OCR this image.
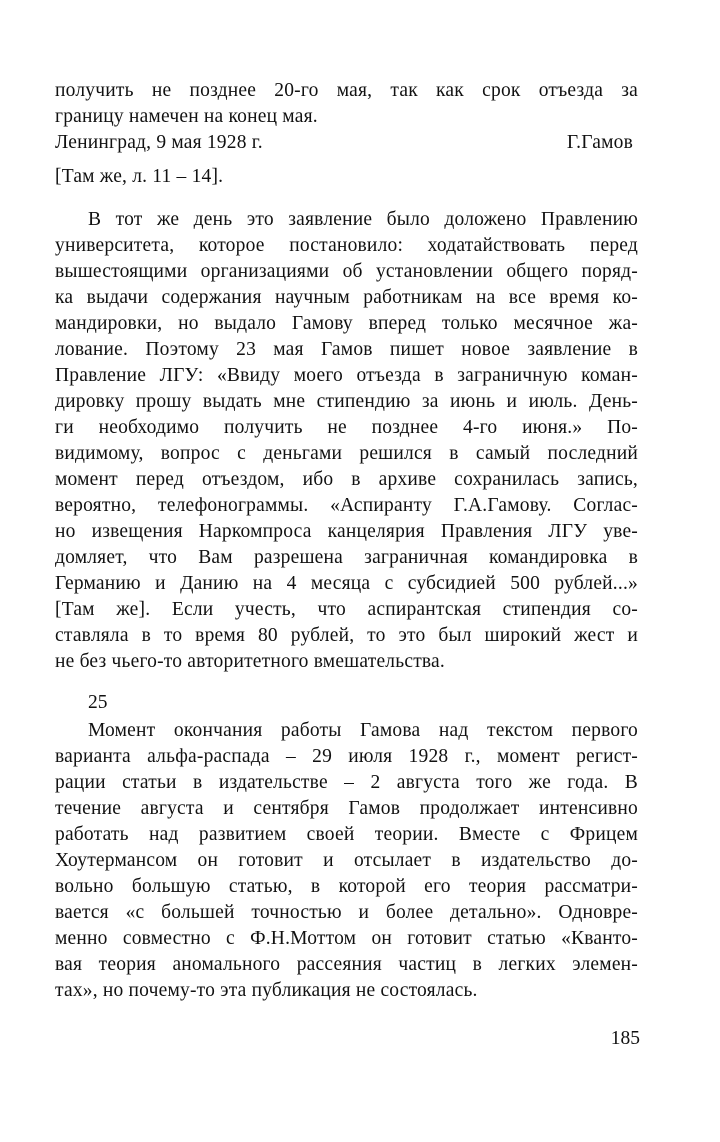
получить не позднее 20-го мая, так как срок отъезда за
границу намечен на конец мая.
Ленинград, 9 мая 1928 г.	Г.Гамов
[Там же, л. 11 – 14].
В тот же день это заявление было доложено Правлению
университета, которое постановило: ходатайствовать перед
вышестоящими организациями об установлении общего поряд-
ка выдачи содержания научным работникам на все время ко-
мандировки, но выдало Гамову вперед только месячное жа-
лование. Поэтому 23 мая Гамов пишет новое заявление в
Правление ЛГУ: «Ввиду моего отъезда в заграничную коман-
дировку прошу выдать мне стипендию за июнь и июль. День-
ги необходимо получить не позднее 4-го июня.» По-
видимому, вопрос с деньгами решился в самый последний
момент перед отъездом, ибо в архиве сохранилась запись,
вероятно, телефонограммы. «Аспиранту Г.А.Гамову. Соглас-
но извещения Наркомпроса канцелярия Правления ЛГУ уве-
домляет, что Вам разрешена заграничная командировка в
Германию и Данию на 4 месяца с субсидией 500 рублей...»
[Там же]. Если учесть, что аспирантская стипендия со-
ставляла в то время 80 рублей, то это был широкий жест и
не без чьего-то авторитетного вмешательства.
25
Момент окончания работы Гамова над текстом первого
варианта альфа-распада – 29 июля 1928 г., момент регист-
рации статьи в издательстве – 2 августа того же года. В
течение августа и сентября Гамов продолжает интенсивно
работать над развитием своей теории. Вместе с Фрицем
Хоутермансом он готовит и отсылает в издательство до-
вольно большую статью, в которой его теория рассматри-
вается «с большей точностью и более детально». Одновре-
менно совместно с Ф.Н.Моттом он готовит статью «Кванто-
вая теория аномального рассеяния частиц в легких элемен-
тах», но почему-то эта публикация не состоялась.
185
